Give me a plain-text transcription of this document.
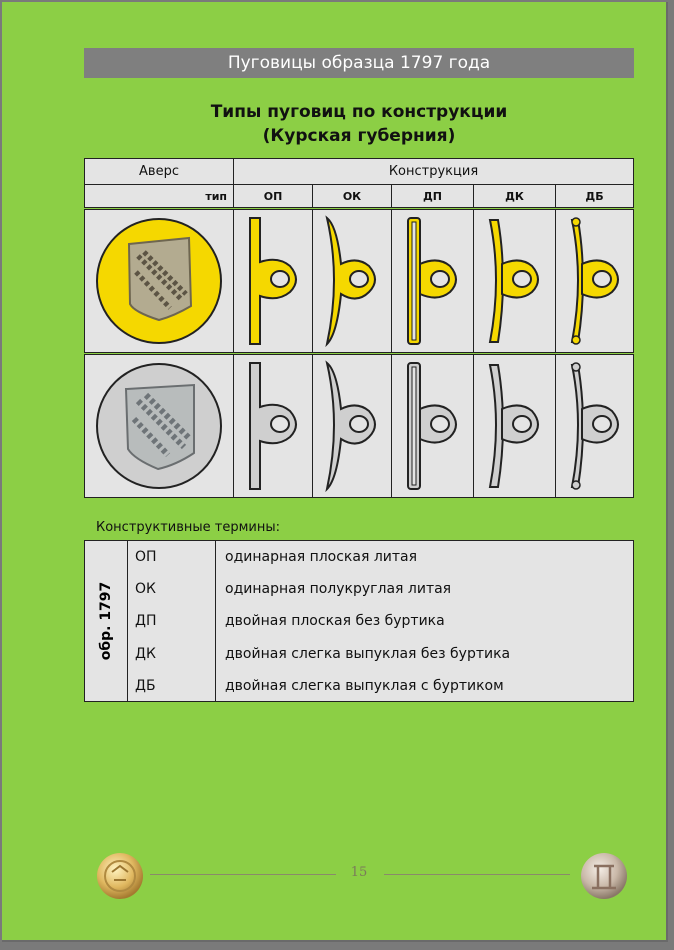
Пуговицы образца 1797 года
Типы пуговиц по конструкции
(Курская губерния)
Аверс	Конструкция
тип	ОП	ОК	ДП	ДК	ДБ
Конструктивные термины:
обр. 1797
ОП	одинарная плоская литая
ОК	одинарная полукруглая литая
ДП	двойная плоская без буртика
ДК	двойная слегка выпуклая без буртика
ДБ	двойная слегка выпуклая с буртиком
15
